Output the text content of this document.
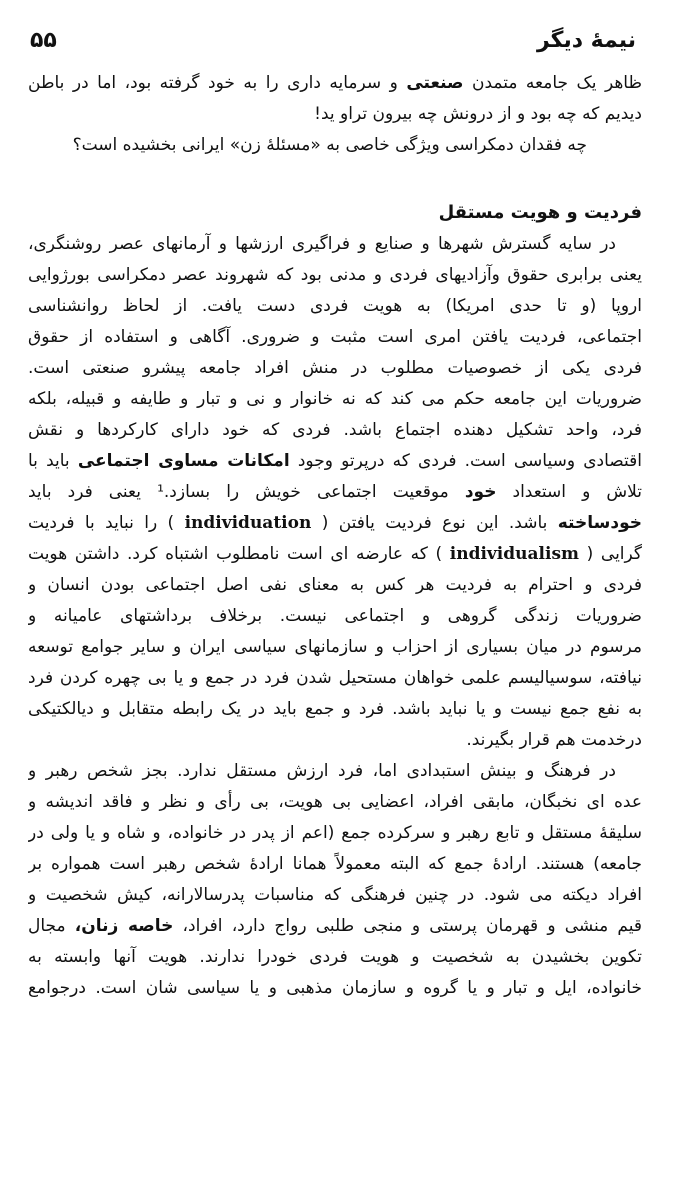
نیمهٔ دیگر
۵۵
ظاهر یک جامعه متمدن صنعتی و سرمایه داری را به خود گرفته بود، اما در باطن
دیدیم که چه بود و از درونش چه بیرون تراو ید!
چه فقدان دمکراسی ویژگی خاصی به «مسئلهٔ زن» ایرانی بخشیده است؟
فردیت و هویت مستقل
در سایه گسترش شهرها و صنایع و فراگیری ارزشها و آرمانهای عصر روشنگری،
یعنی برابری حقوق وآزادیهای فردی و مدنی بود که شهروند عصر دمکراسی بورژوایی
اروپا (و تا حدی امریکا) به هویت فردی دست یافت. از لحاظ روانشناسی
اجتماعی، فردیت یافتن امری است مثبت و ضروری. آگاهی و استفاده از حقوق
فردی یکی از خصوصیات مطلوب در منش افراد جامعه پیشرو صنعتی است.
ضروریات این جامعه حکم می کند که نه خانوار و نی و تبار و طایفه و قبیله، بلکه
فرد، واحد تشکیل دهنده اجتماع باشد. فردی که خود دارای کارکردها و نقش
اقتصادی وسیاسی است. فردی که درپرتو وجود امکانات مساوی اجتماعی باید با
تلاش و استعداد خود موقعیت اجتماعی خویش را بسازد.¹ یعنی فرد باید
خودساخته باشد. این نوع فردیت یافتن ( individuation ) را نباید با فردیت
گرایی ( individualism ) که عارضه ای است نامطلوب اشتباه کرد. داشتن هویت
فردی و احترام به فردیت هر کس به معنای نفی اصل اجتماعی بودن انسان و
ضروریات زندگی گروهی و اجتماعی نیست. برخلاف برداشتهای عامیانه و
مرسوم در میان بسیاری از احزاب و سازمانهای سیاسی ایران و سایر جوامع توسعه
نیافته، سوسیالیسم علمی خواهان مستحیل شدن فرد در جمع و یا بی چهره کردن فرد
به نفع جمع نیست و یا نباید باشد. فرد و جمع باید در یک رابطه متقابل و دیالکتیکی
درخدمت هم قرار بگیرند.
در فرهنگ و بینش استبدادی اما، فرد ارزش مستقل ندارد. بجز شخص رهبر و
عده ای نخبگان، مابقی افراد، اعضایی بی هویت، بی رأی و نظر و فاقد اندیشه و
سلیقهٔ مستقل و تابع رهبر و سرکرده جمع (اعم از پدر در خانواده، و شاه و یا ولی در
جامعه) هستند. ارادهٔ جمع که البته معمولاً همانا ارادهٔ شخص رهبر است همواره بر
افراد دیکته می شود. در چنین فرهنگی که مناسبات پدرسالارانه، کیش شخصیت و
قیم منشی و قهرمان پرستی و منجی طلبی رواج دارد، افراد، خاصه زنان، مجال
تکوین بخشیدن به شخصیت و هویت فردی خودرا ندارند. هویت آنها وابسته به
خانواده، ایل و تبار و یا گروه و سازمان مذهبی و یا سیاسی شان است. درجوامع
